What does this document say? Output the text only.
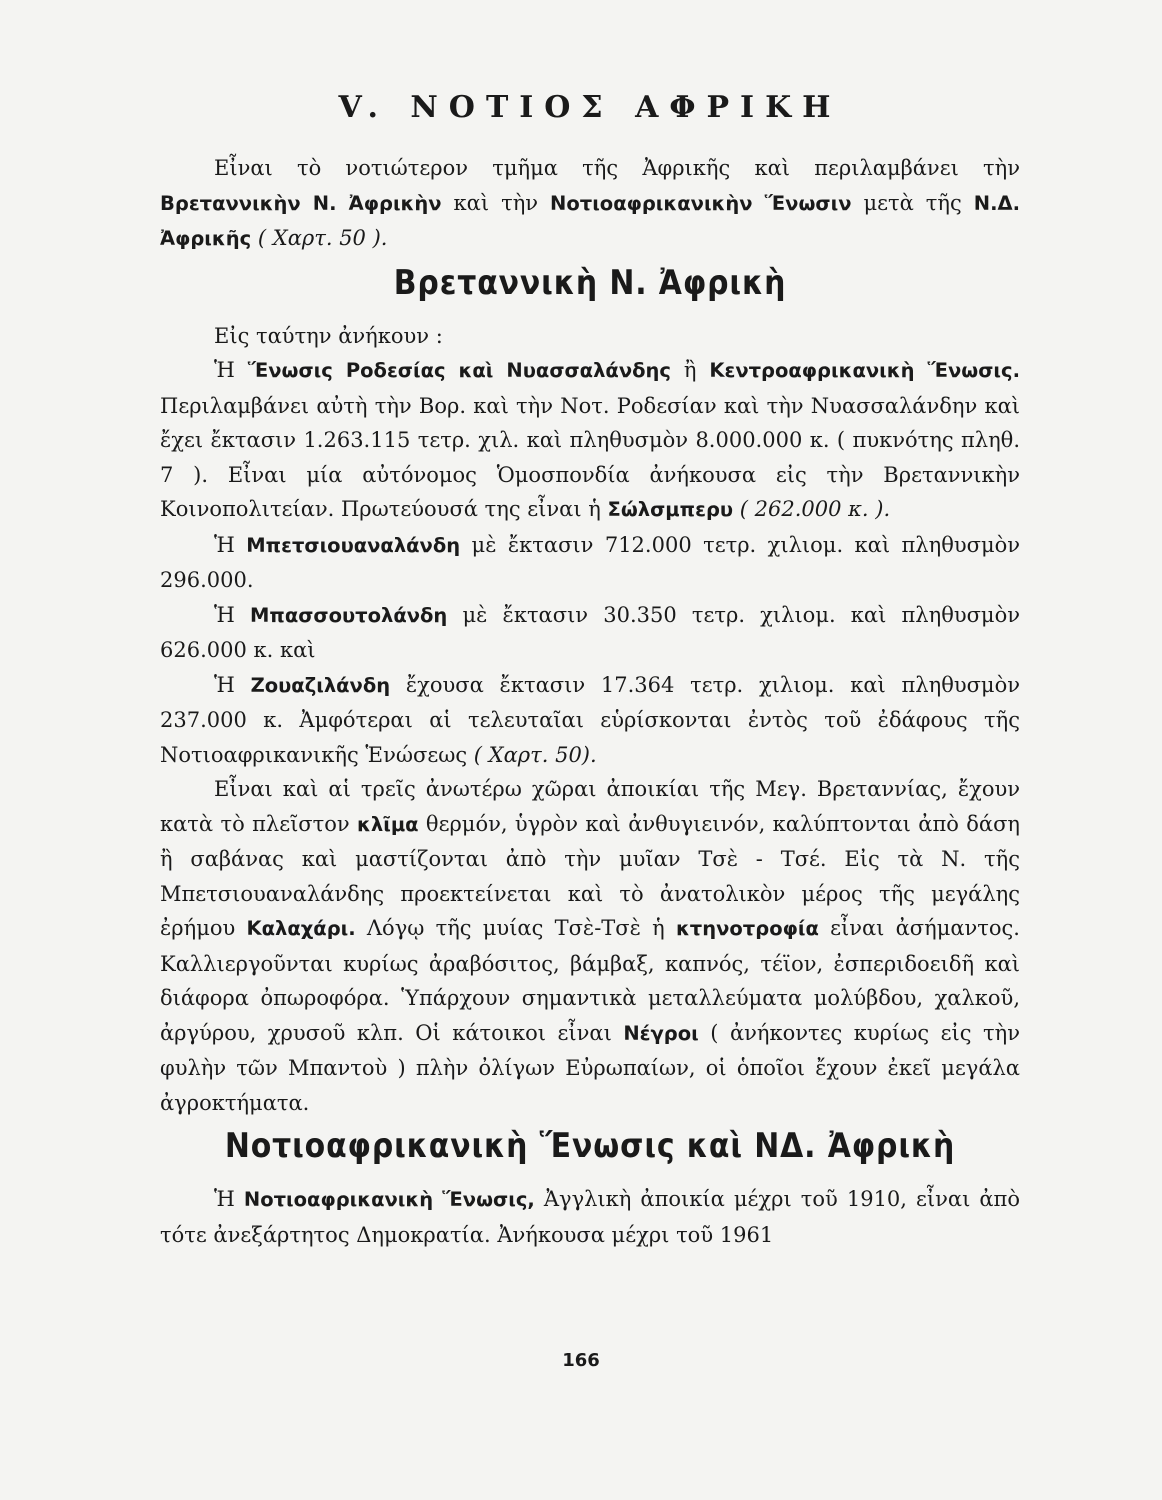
V. ΝΟΤΙΟΣ ΑΦΡΙΚΗ

Εἶναι τὸ νοτιώτερον τμῆμα τῆς Ἀφρικῆς καὶ περιλαμβάνει τὴν Βρεταννικὴν Ν. Ἀφρικὴν καὶ τὴν Νοτιοαφρικανικὴν Ἕνωσιν μετὰ τῆς Ν.Δ. Ἀφρικῆς ( Χαρτ. 50 ).

Βρεταννικὴ Ν. Ἀφρικὴ

Εἰς ταύτην ἀνήκουν :

Ἡ Ἕνωσις Ροδεσίας καὶ Νυασσαλάνδης ἢ Κεντροαφρικανικὴ Ἕνωσις. Περιλαμβάνει αὐτὴ τὴν Βορ. καὶ τὴν Νοτ. Ροδεσίαν καὶ τὴν Νυασσαλάνδην καὶ ἔχει ἔκτασιν 1.263.115 τετρ. χιλ. καὶ πληθυσμὸν 8.000.000 κ. ( πυκνότης πληθ. 7 ). Εἶναι μία αὐτόνομος Ὁμοσπονδία ἀνήκουσα εἰς τὴν Βρεταννικὴν Κοινοπολιτείαν. Πρωτεύουσά της εἶναι ἡ Σώλσμπερυ ( 262.000 κ. ).

Ἡ Μπετσιουαναλάνδη μὲ ἔκτασιν 712.000 τετρ. χιλιομ. καὶ πληθυσμὸν 296.000.

Ἡ Μπασσουτολάνδη μὲ ἔκτασιν 30.350 τετρ. χιλιομ. καὶ πληθυσμὸν 626.000 κ. καὶ

Ἡ Ζουαζιλάνδη ἔχουσα ἔκτασιν 17.364 τετρ. χιλιομ. καὶ πληθυσμὸν 237.000 κ. Ἀμφότεραι αἱ τελευταῖαι εὑρίσκονται ἐντὸς τοῦ ἐδάφους τῆς Νοτιοαφρικανικῆς Ἑνώσεως ( Χαρτ. 50).

Εἶναι καὶ αἱ τρεῖς ἀνωτέρω χῶραι ἀποικίαι τῆς Μεγ. Βρεταννίας, ἔχουν κατὰ τὸ πλεῖστον κλῖμα θερμόν, ὑγρὸν καὶ ἀνθυγιεινόν, καλύπτονται ἀπὸ δάση ἢ σαβάνας καὶ μαστίζονται ἀπὸ τὴν μυῖαν Τσὲ - Τσέ. Εἰς τὰ Ν. τῆς Μπετσιουαναλάνδης προεκτείνεται καὶ τὸ ἀνατολικὸν μέρος τῆς μεγάλης ἐρήμου Καλαχάρι. Λόγῳ τῆς μυίας Τσὲ-Τσὲ ἡ κτηνοτροφία εἶναι ἀσήμαντος. Καλλιεργοῦνται κυρίως ἀραβόσιτος, βάμβαξ, καπνός, τέϊον, ἐσπεριδοειδῆ καὶ διάφορα ὀπωροφόρα. Ὑπάρχουν σημαντικὰ μεταλλεύματα μολύβδου, χαλκοῦ, ἀργύρου, χρυσοῦ κλπ. Οἱ κάτοικοι εἶναι Νέγροι ( ἀνήκοντες κυρίως εἰς τὴν φυλὴν τῶν Μπαντοὺ ) πλὴν ὀλίγων Εὐρωπαίων, οἱ ὁποῖοι ἔχουν ἐκεῖ μεγάλα ἀγροκτήματα.

Νοτιοαφρικανικὴ Ἕνωσις καὶ ΝΔ. Ἀφρικὴ

Ἡ Νοτιοαφρικανικὴ Ἕνωσις, Ἀγγλικὴ ἀποικία μέχρι τοῦ 1910, εἶναι ἀπὸ τότε ἀνεξάρτητος Δημοκρατία. Ἀνήκουσα μέχρι τοῦ 1961

166
